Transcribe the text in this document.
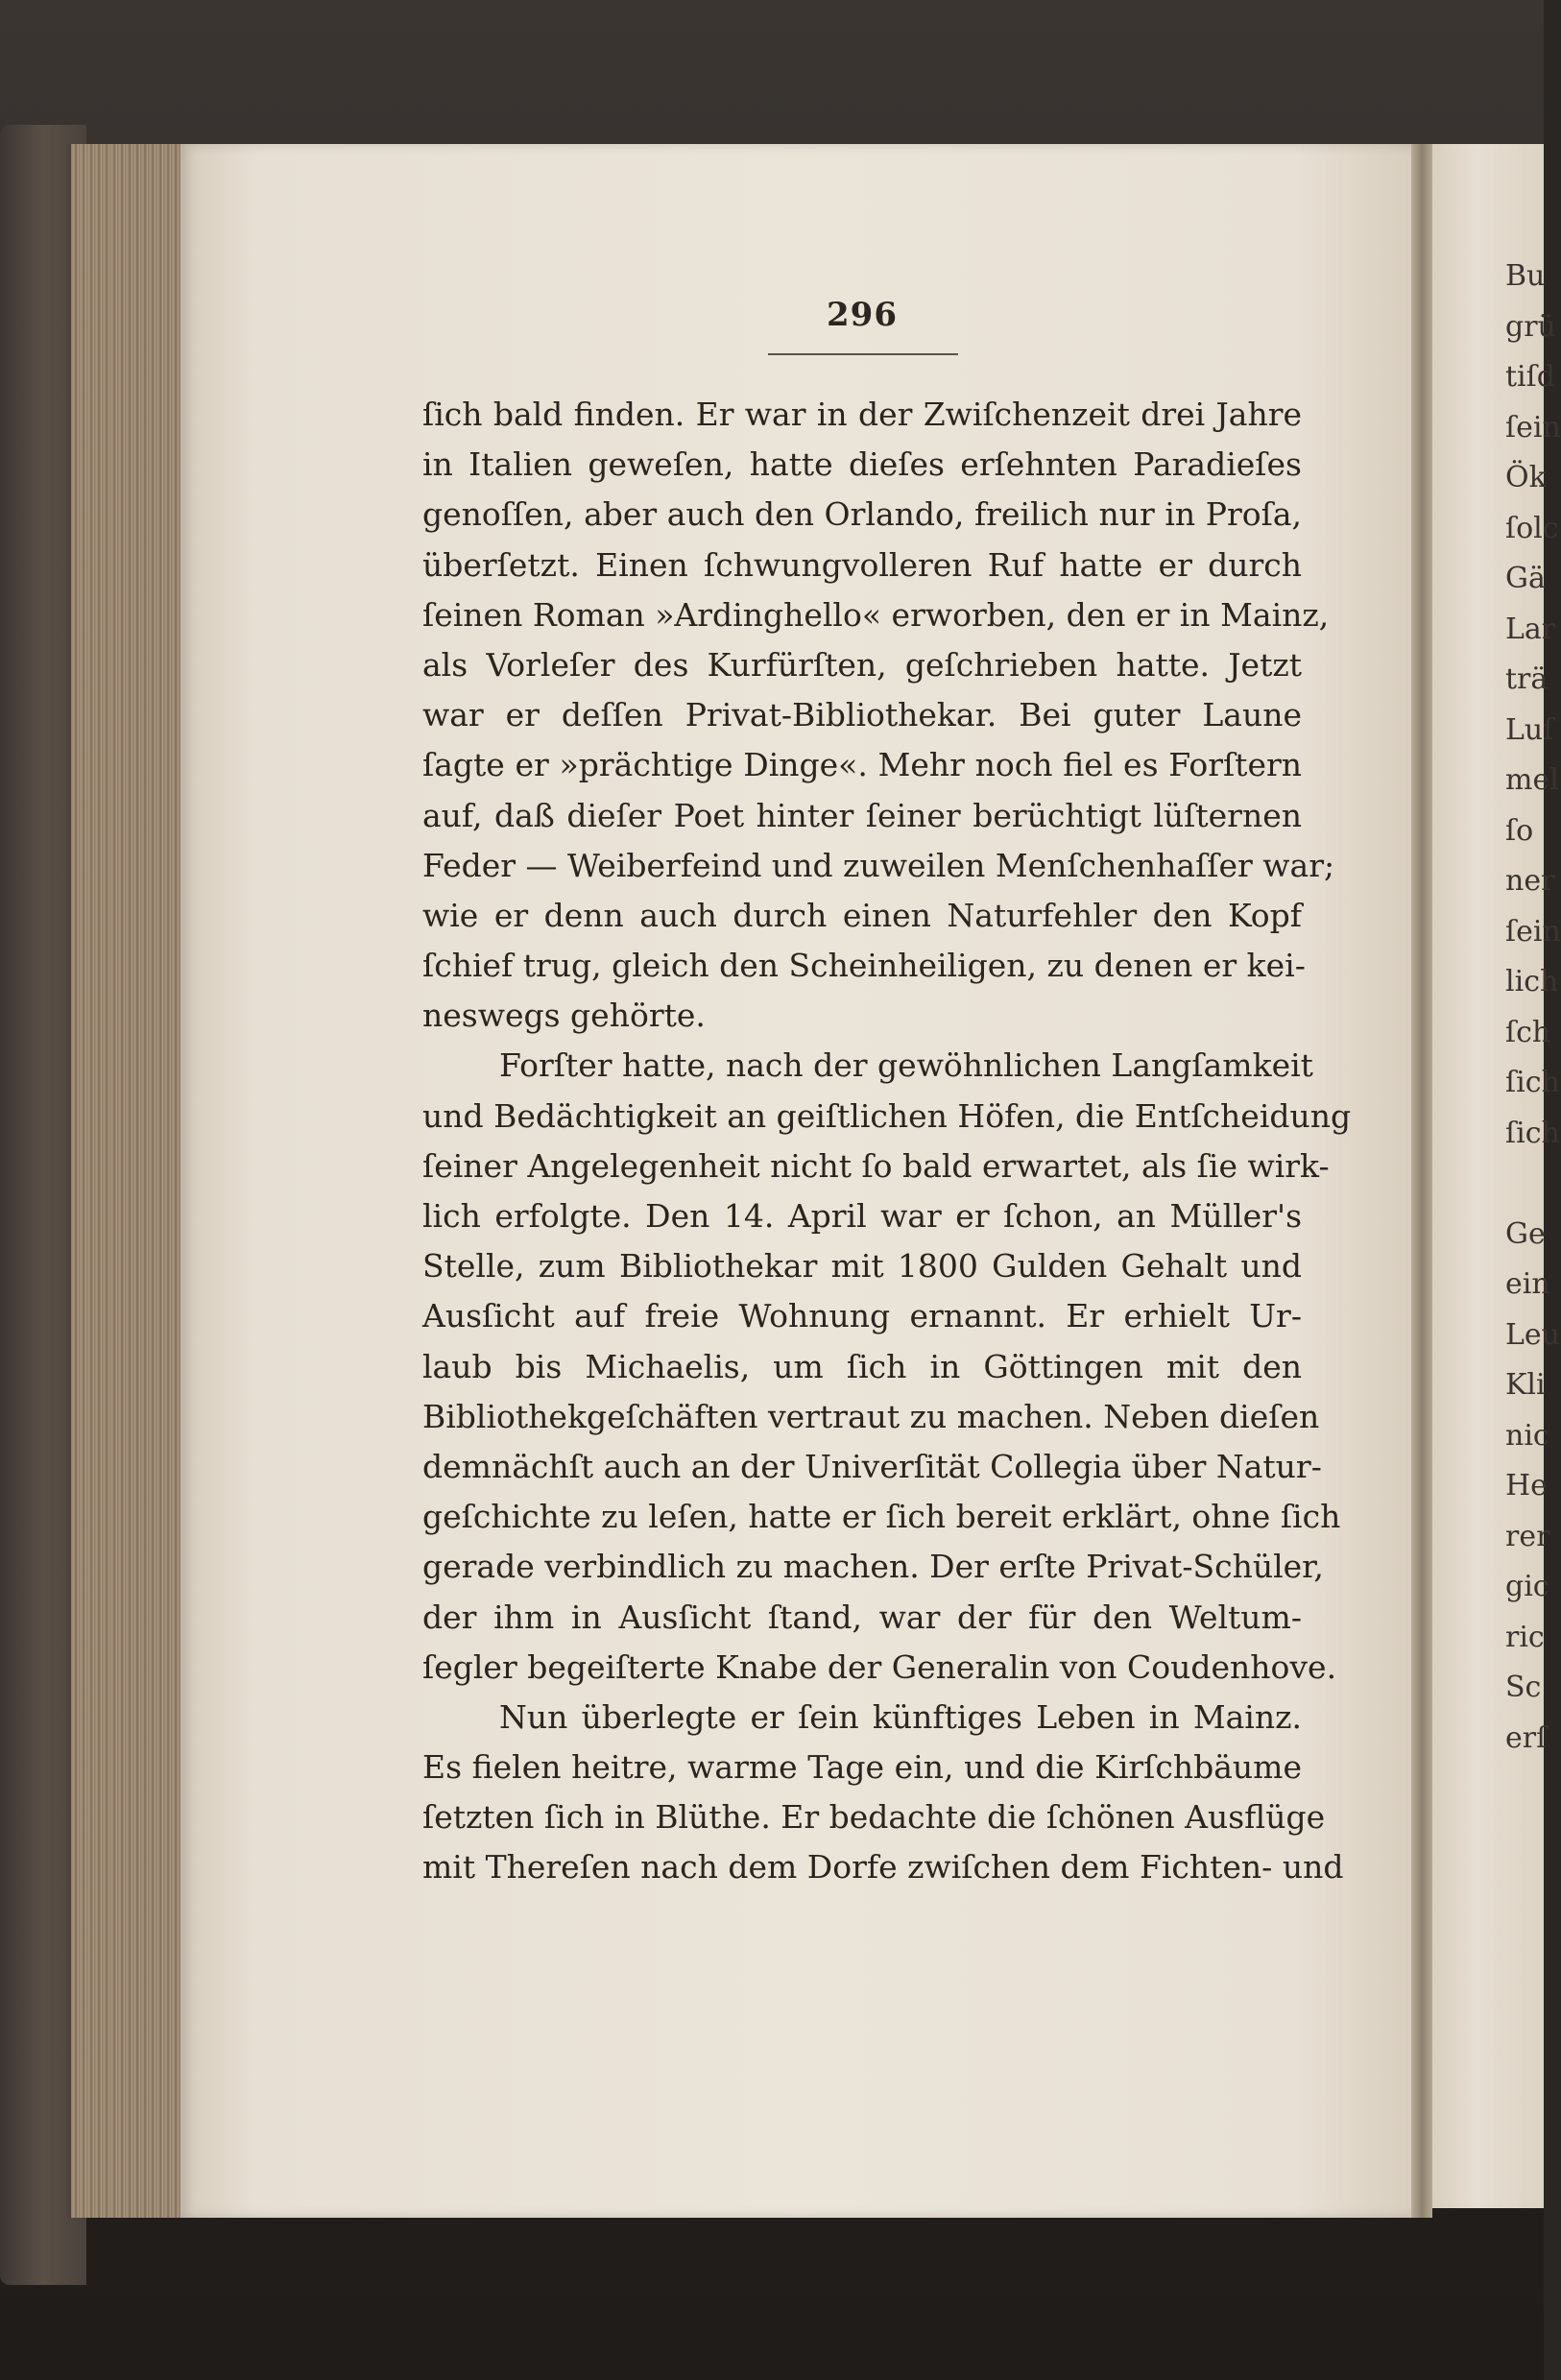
Bu
grü
tiſd
ſein
Ök
ſolc
Gä
Lar
trä
Luſ
mel
ſo
ner
ſein
lich
ſch
ſich
ſich
Ge
ein
Leu
Kli
nic
He
rer
gic
ric
Sc
erſ
296
ſich bald finden. Er war in der Zwiſchenzeit drei Jahre
in Italien geweſen, hatte dieſes erſehnten Paradieſes
genoſſen, aber auch den Orlando, freilich nur in Proſa,
überſetzt. Einen ſchwungvolleren Ruf hatte er durch
ſeinen Roman »Ardinghello« erworben, den er in Mainz,
als Vorleſer des Kurfürſten, geſchrieben hatte. Jetzt
war er deſſen Privat-Bibliothekar. Bei guter Laune
ſagte er »prächtige Dinge«. Mehr noch fiel es Forſtern
auf, daß dieſer Poet hinter ſeiner berüchtigt lüſternen
Feder — Weiberfeind und zuweilen Menſchenhaſſer war;
wie er denn auch durch einen Naturfehler den Kopf
ſchief trug, gleich den Scheinheiligen, zu denen er kei-
neswegs gehörte.
Forſter hatte, nach der gewöhnlichen Langſamkeit
und Bedächtigkeit an geiſtlichen Höfen, die Entſcheidung
ſeiner Angelegenheit nicht ſo bald erwartet, als ſie wirk-
lich erfolgte. Den 14. April war er ſchon, an Müller's
Stelle, zum Bibliothekar mit 1800 Gulden Gehalt und
Ausſicht auf freie Wohnung ernannt. Er erhielt Ur-
laub bis Michaelis, um ſich in Göttingen mit den
Bibliothekgeſchäften vertraut zu machen. Neben dieſen
demnächſt auch an der Univerſität Collegia über Natur-
geſchichte zu leſen, hatte er ſich bereit erklärt, ohne ſich
gerade verbindlich zu machen. Der erſte Privat-Schüler,
der ihm in Ausſicht ſtand, war der für den Weltum-
ſegler begeiſterte Knabe der Generalin von Coudenhove.
Nun überlegte er ſein künftiges Leben in Mainz.
Es fielen heitre, warme Tage ein, und die Kirſchbäume
ſetzten ſich in Blüthe. Er bedachte die ſchönen Ausflüge
mit Thereſen nach dem Dorfe zwiſchen dem Fichten- und
